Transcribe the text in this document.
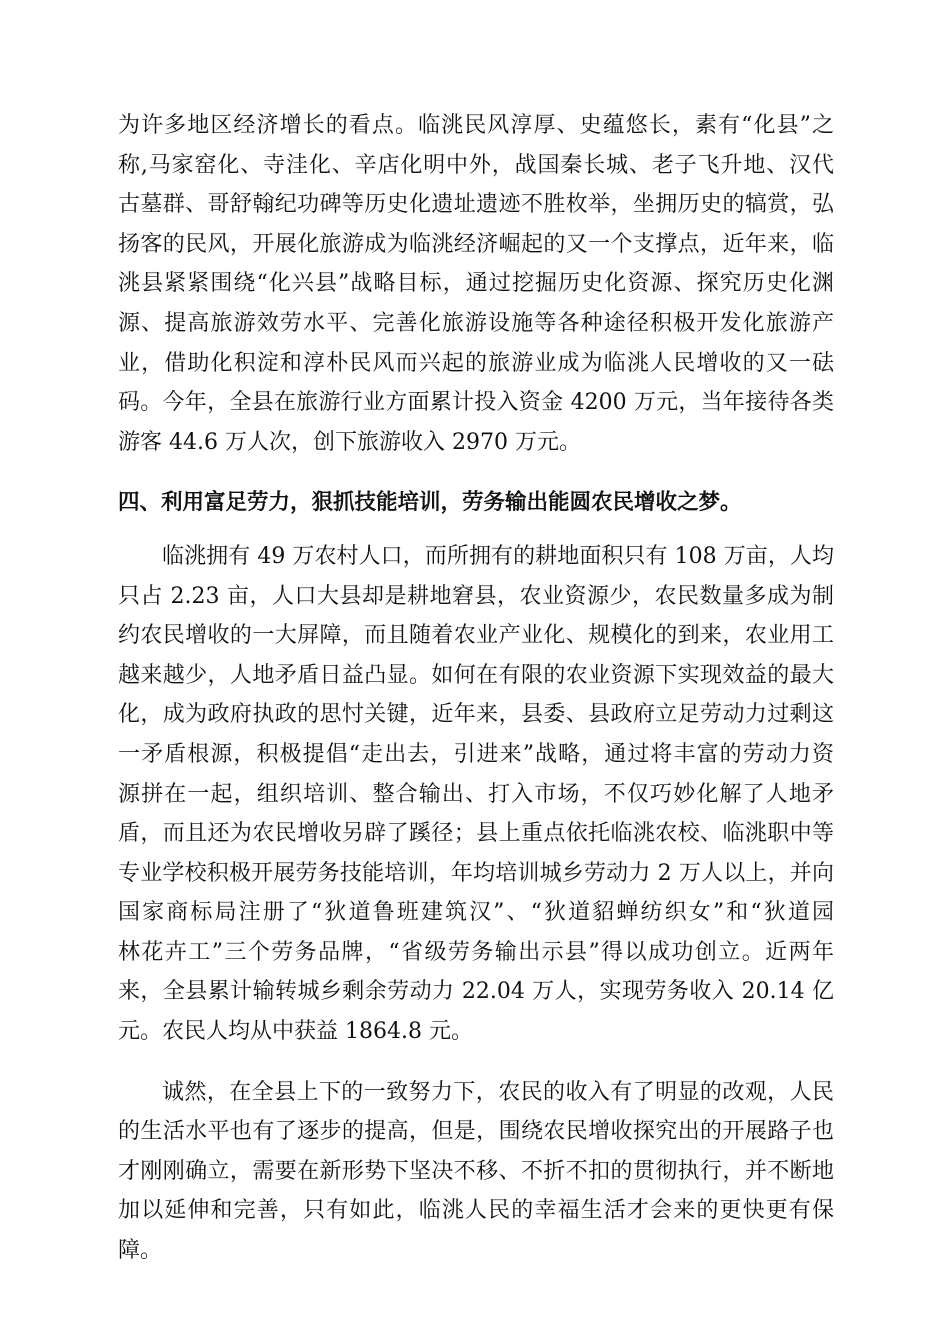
为许多地区经济增长的看点。临洮民风淳厚、史蕴悠长，素有“化县”之
称,马家窑化、寺洼化、辛店化明中外，战国秦长城、老子飞升地、汉代
古墓群、哥舒翰纪功碑等历史化遗址遗迹不胜枚举，坐拥历史的犒赏，弘
扬客的民风，开展化旅游成为临洮经济崛起的又一个支撑点，近年来，临
洮县紧紧围绕“化兴县”战略目标，通过挖掘历史化资源、探究历史化渊
源、提高旅游效劳水平、完善化旅游设施等各种途径积极开发化旅游产
业，借助化积淀和淳朴民风而兴起的旅游业成为临洮人民增收的又一砝
码。今年，全县在旅游行业方面累计投入资金 4200 万元，当年接待各类
游客 44.6 万人次，创下旅游收入 2970 万元。
四、利用富足劳力，狠抓技能培训，劳务输出能圆农民增收之梦。
临洮拥有 49 万农村人口，而所拥有的耕地面积只有 108 万亩，人均
只占 2.23 亩，人口大县却是耕地窘县，农业资源少，农民数量多成为制
约农民增收的一大屏障，而且随着农业产业化、规模化的到来，农业用工
越来越少，人地矛盾日益凸显。如何在有限的农业资源下实现效益的最大
化，成为政府执政的思忖关键，近年来，县委、县政府立足劳动力过剩这
一矛盾根源，积极提倡“走出去，引进来”战略，通过将丰富的劳动力资
源拼在一起，组织培训、整合输出、打入市场，不仅巧妙化解了人地矛
盾，而且还为农民增收另辟了蹊径；县上重点依托临洮农校、临洮职中等
专业学校积极开展劳务技能培训，年均培训城乡劳动力 2 万人以上，并向
国家商标局注册了“狄道鲁班建筑汉”、“狄道貂蝉纺织女”和“狄道园
林花卉工”三个劳务品牌，“省级劳务输出示县”得以成功创立。近两年
来，全县累计输转城乡剩余劳动力 22.04 万人，实现劳务收入 20.14 亿
元。农民人均从中获益 1864.8 元。
诚然，在全县上下的一致努力下，农民的收入有了明显的改观，人民
的生活水平也有了逐步的提高，但是，围绕农民增收探究出的开展路子也
才刚刚确立，需要在新形势下坚决不移、不折不扣的贯彻执行，并不断地
加以延伸和完善，只有如此，临洮人民的幸福生活才会来的更快更有保
障。
